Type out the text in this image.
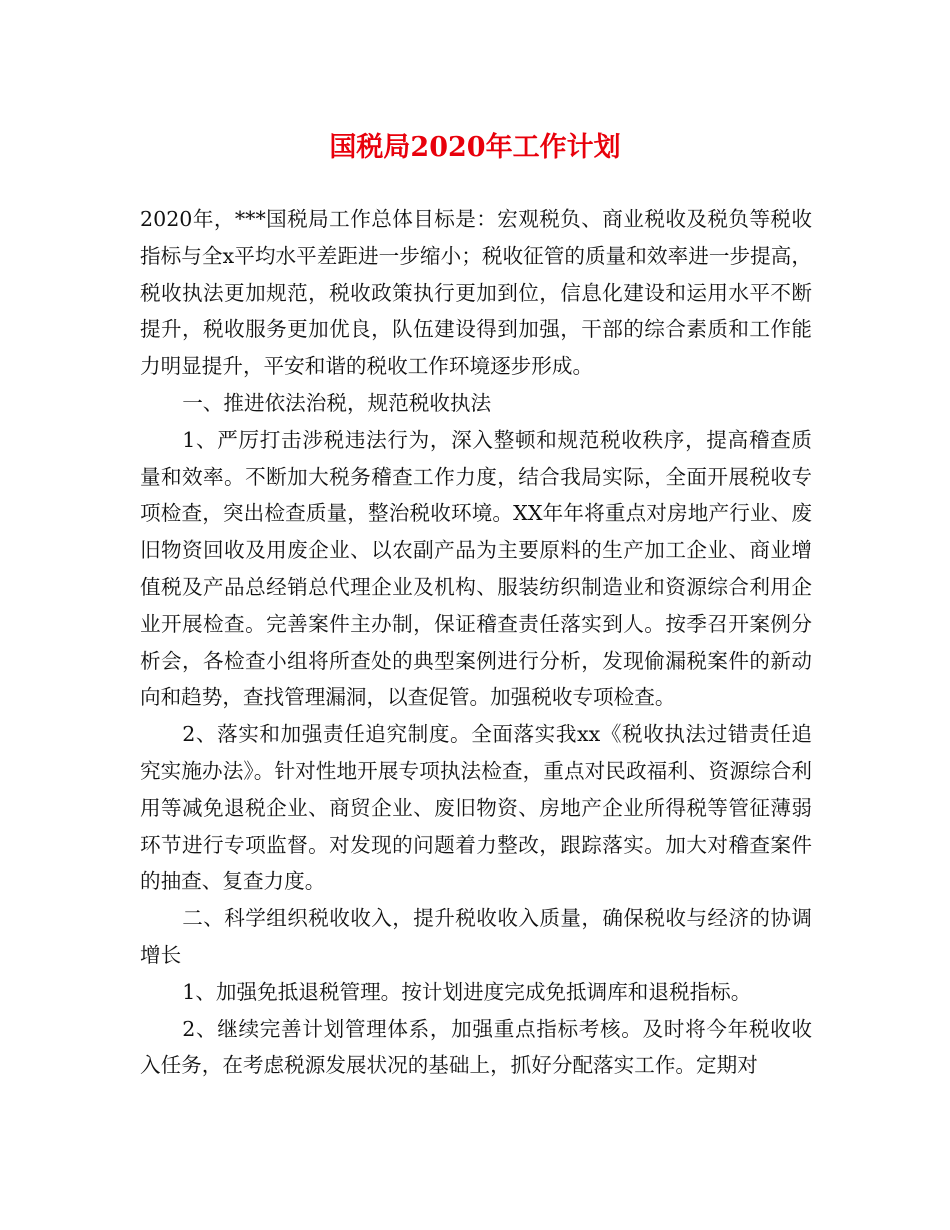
国税局2020年工作计划

2020年，***国税局工作总体目标是：宏观税负、商业税收及税负等税收指标与全x平均水平差距进一步缩小；税收征管的质量和效率进一步提高，税收执法更加规范，税收政策执行更加到位，信息化建设和运用水平不断提升，税收服务更加优良，队伍建设得到加强，干部的综合素质和工作能力明显提升，平安和谐的税收工作环境逐步形成。

一、推进依法治税，规范税收执法

1、严厉打击涉税违法行为，深入整顿和规范税收秩序，提高稽查质量和效率。不断加大税务稽查工作力度，结合我局实际，全面开展税收专项检查，突出检查质量，整治税收环境。XX年年将重点对房地产行业、废旧物资回收及用废企业、以农副产品为主要原料的生产加工企业、商业增值税及产品总经销总代理企业及机构、服装纺织制造业和资源综合利用企业开展检查。完善案件主办制，保证稽查责任落实到人。按季召开案例分析会，各检查小组将所查处的典型案例进行分析，发现偷漏税案件的新动向和趋势，查找管理漏洞，以查促管。加强税收专项检查。

2、落实和加强责任追究制度。全面落实我xx《税收执法过错责任追究实施办法》。针对性地开展专项执法检查，重点对民政福利、资源综合利用等减免退税企业、商贸企业、废旧物资、房地产企业所得税等管征薄弱环节进行专项监督。对发现的问题着力整改，跟踪落实。加大对稽查案件的抽查、复查力度。

二、科学组织税收收入，提升税收收入质量，确保税收与经济的协调增长

1、加强免抵退税管理。按计划进度完成免抵调库和退税指标。

2、继续完善计划管理体系，加强重点指标考核。及时将今年税收收入任务，在考虑税源发展状况的基础上，抓好分配落实工作。定期对
